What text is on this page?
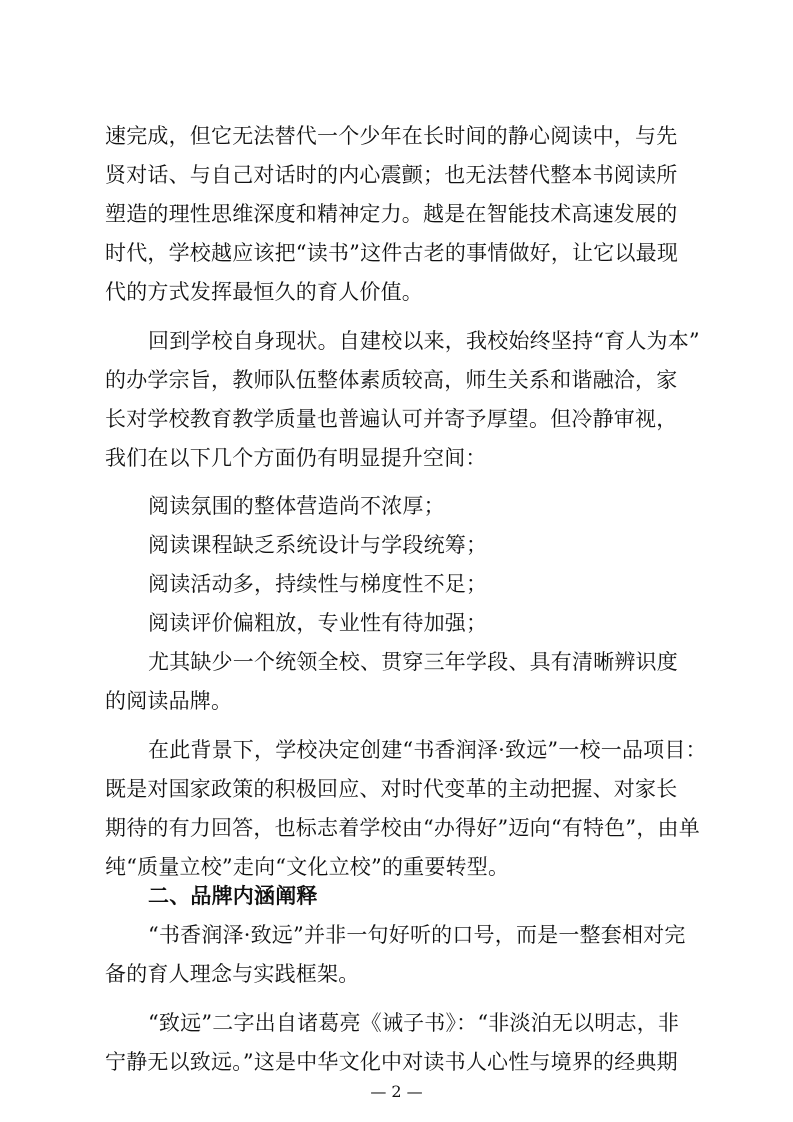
速完成，但它无法替代一个少年在长时间的静心阅读中，与先
贤对话、与自己对话时的内心震颤；也无法替代整本书阅读所
塑造的理性思维深度和精神定力。越是在智能技术高速发展的
时代，学校越应该把“读书”这件古老的事情做好，让它以最现
代的方式发挥最恒久的育人价值。
回到学校自身现状。自建校以来，我校始终坚持“育人为本”
的办学宗旨，教师队伍整体素质较高，师生关系和谐融洽，家
长对学校教育教学质量也普遍认可并寄予厚望。但冷静审视，
我们在以下几个方面仍有明显提升空间：
阅读氛围的整体营造尚不浓厚；
阅读课程缺乏系统设计与学段统筹；
阅读活动多，持续性与梯度性不足；
阅读评价偏粗放，专业性有待加强；
尤其缺少一个统领全校、贯穿三年学段、具有清晰辨识度
的阅读品牌。
在此背景下，学校决定创建“书香润泽·致远”一校一品项目：
既是对国家政策的积极回应、对时代变革的主动把握、对家长
期待的有力回答，也标志着学校由“办得好”迈向“有特色”，由单
纯“质量立校”走向“文化立校”的重要转型。
二、品牌内涵阐释
“书香润泽·致远”并非一句好听的口号，而是一整套相对完
备的育人理念与实践框架。
“致远”二字出自诸葛亮《诫子书》：“非淡泊无以明志，非
宁静无以致远。”这是中华文化中对读书人心性与境界的经典期
— 2 —
